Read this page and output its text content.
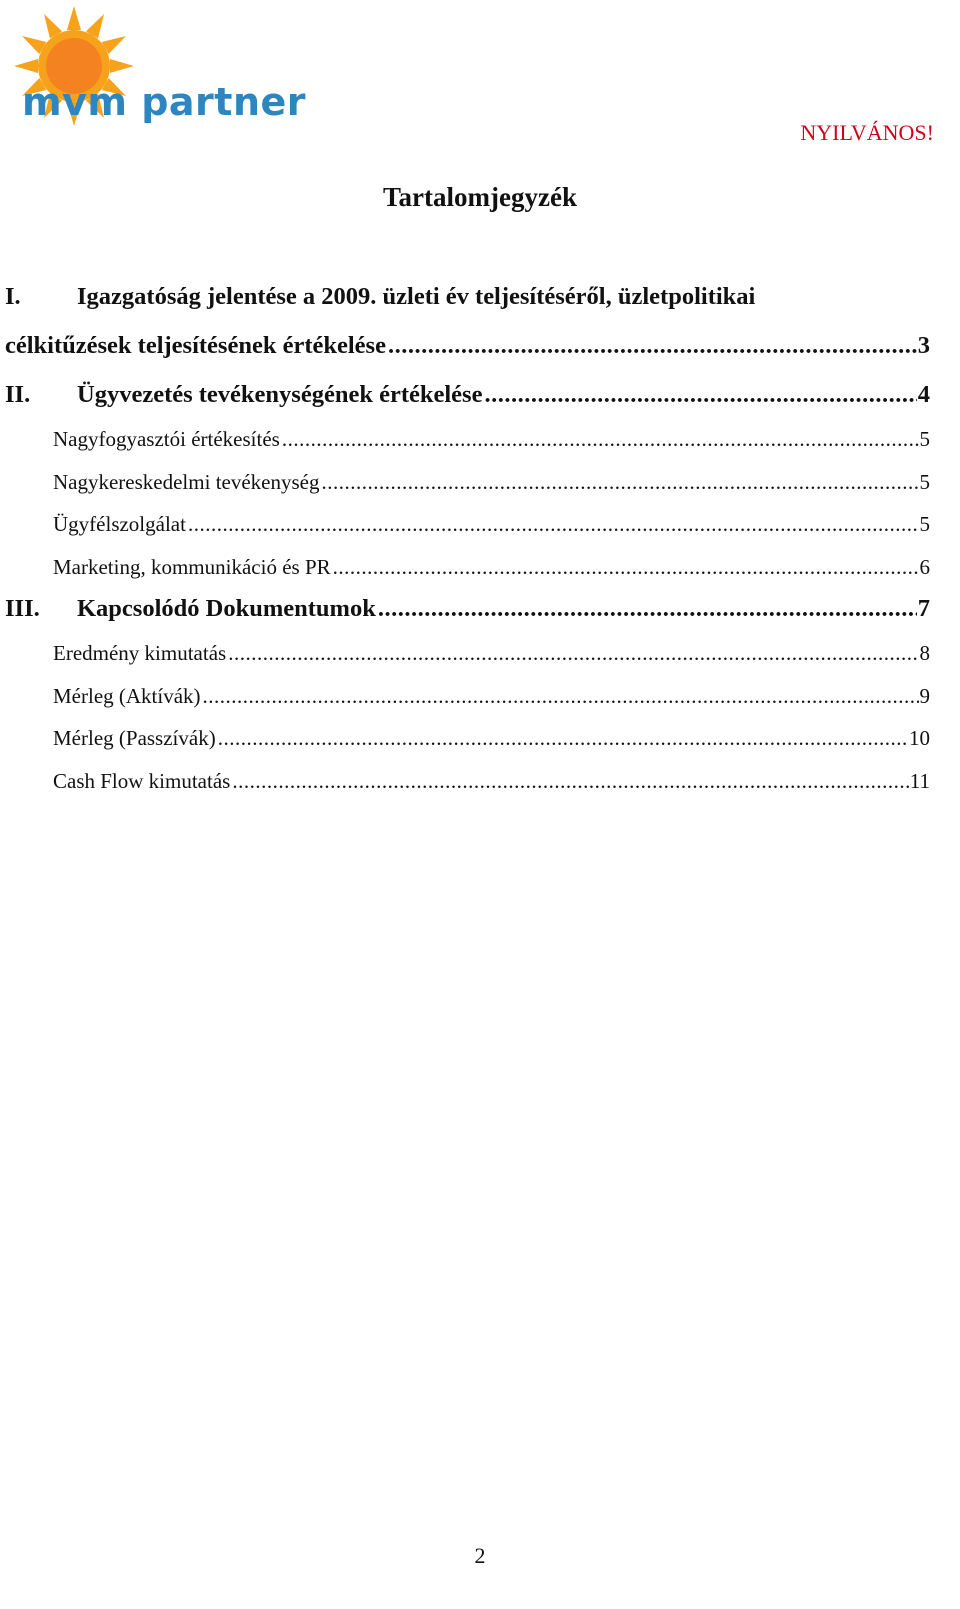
mvm partner
NYILVÁNOS!
Tartalomjegyzék
I. Igazgatóság jelentése a 2009. üzleti év teljesítéséről, üzletpolitikai
célkitűzések teljesítésének értékelése .....	3
II.	Ügyvezetés tevékenységének értékelése .....	4
Nagyfogyasztói értékesítés .....	5
Nagykereskedelmi tevékenység .....	5
Ügyfélszolgálat .....	5
Marketing, kommunikáció és PR .....	6
III.	Kapcsolódó Dokumentumok .....	7
Eredmény kimutatás .....	8
Mérleg (Aktívák) .....	9
Mérleg (Passzívák) .....	10
Cash Flow kimutatás .....	11
2
